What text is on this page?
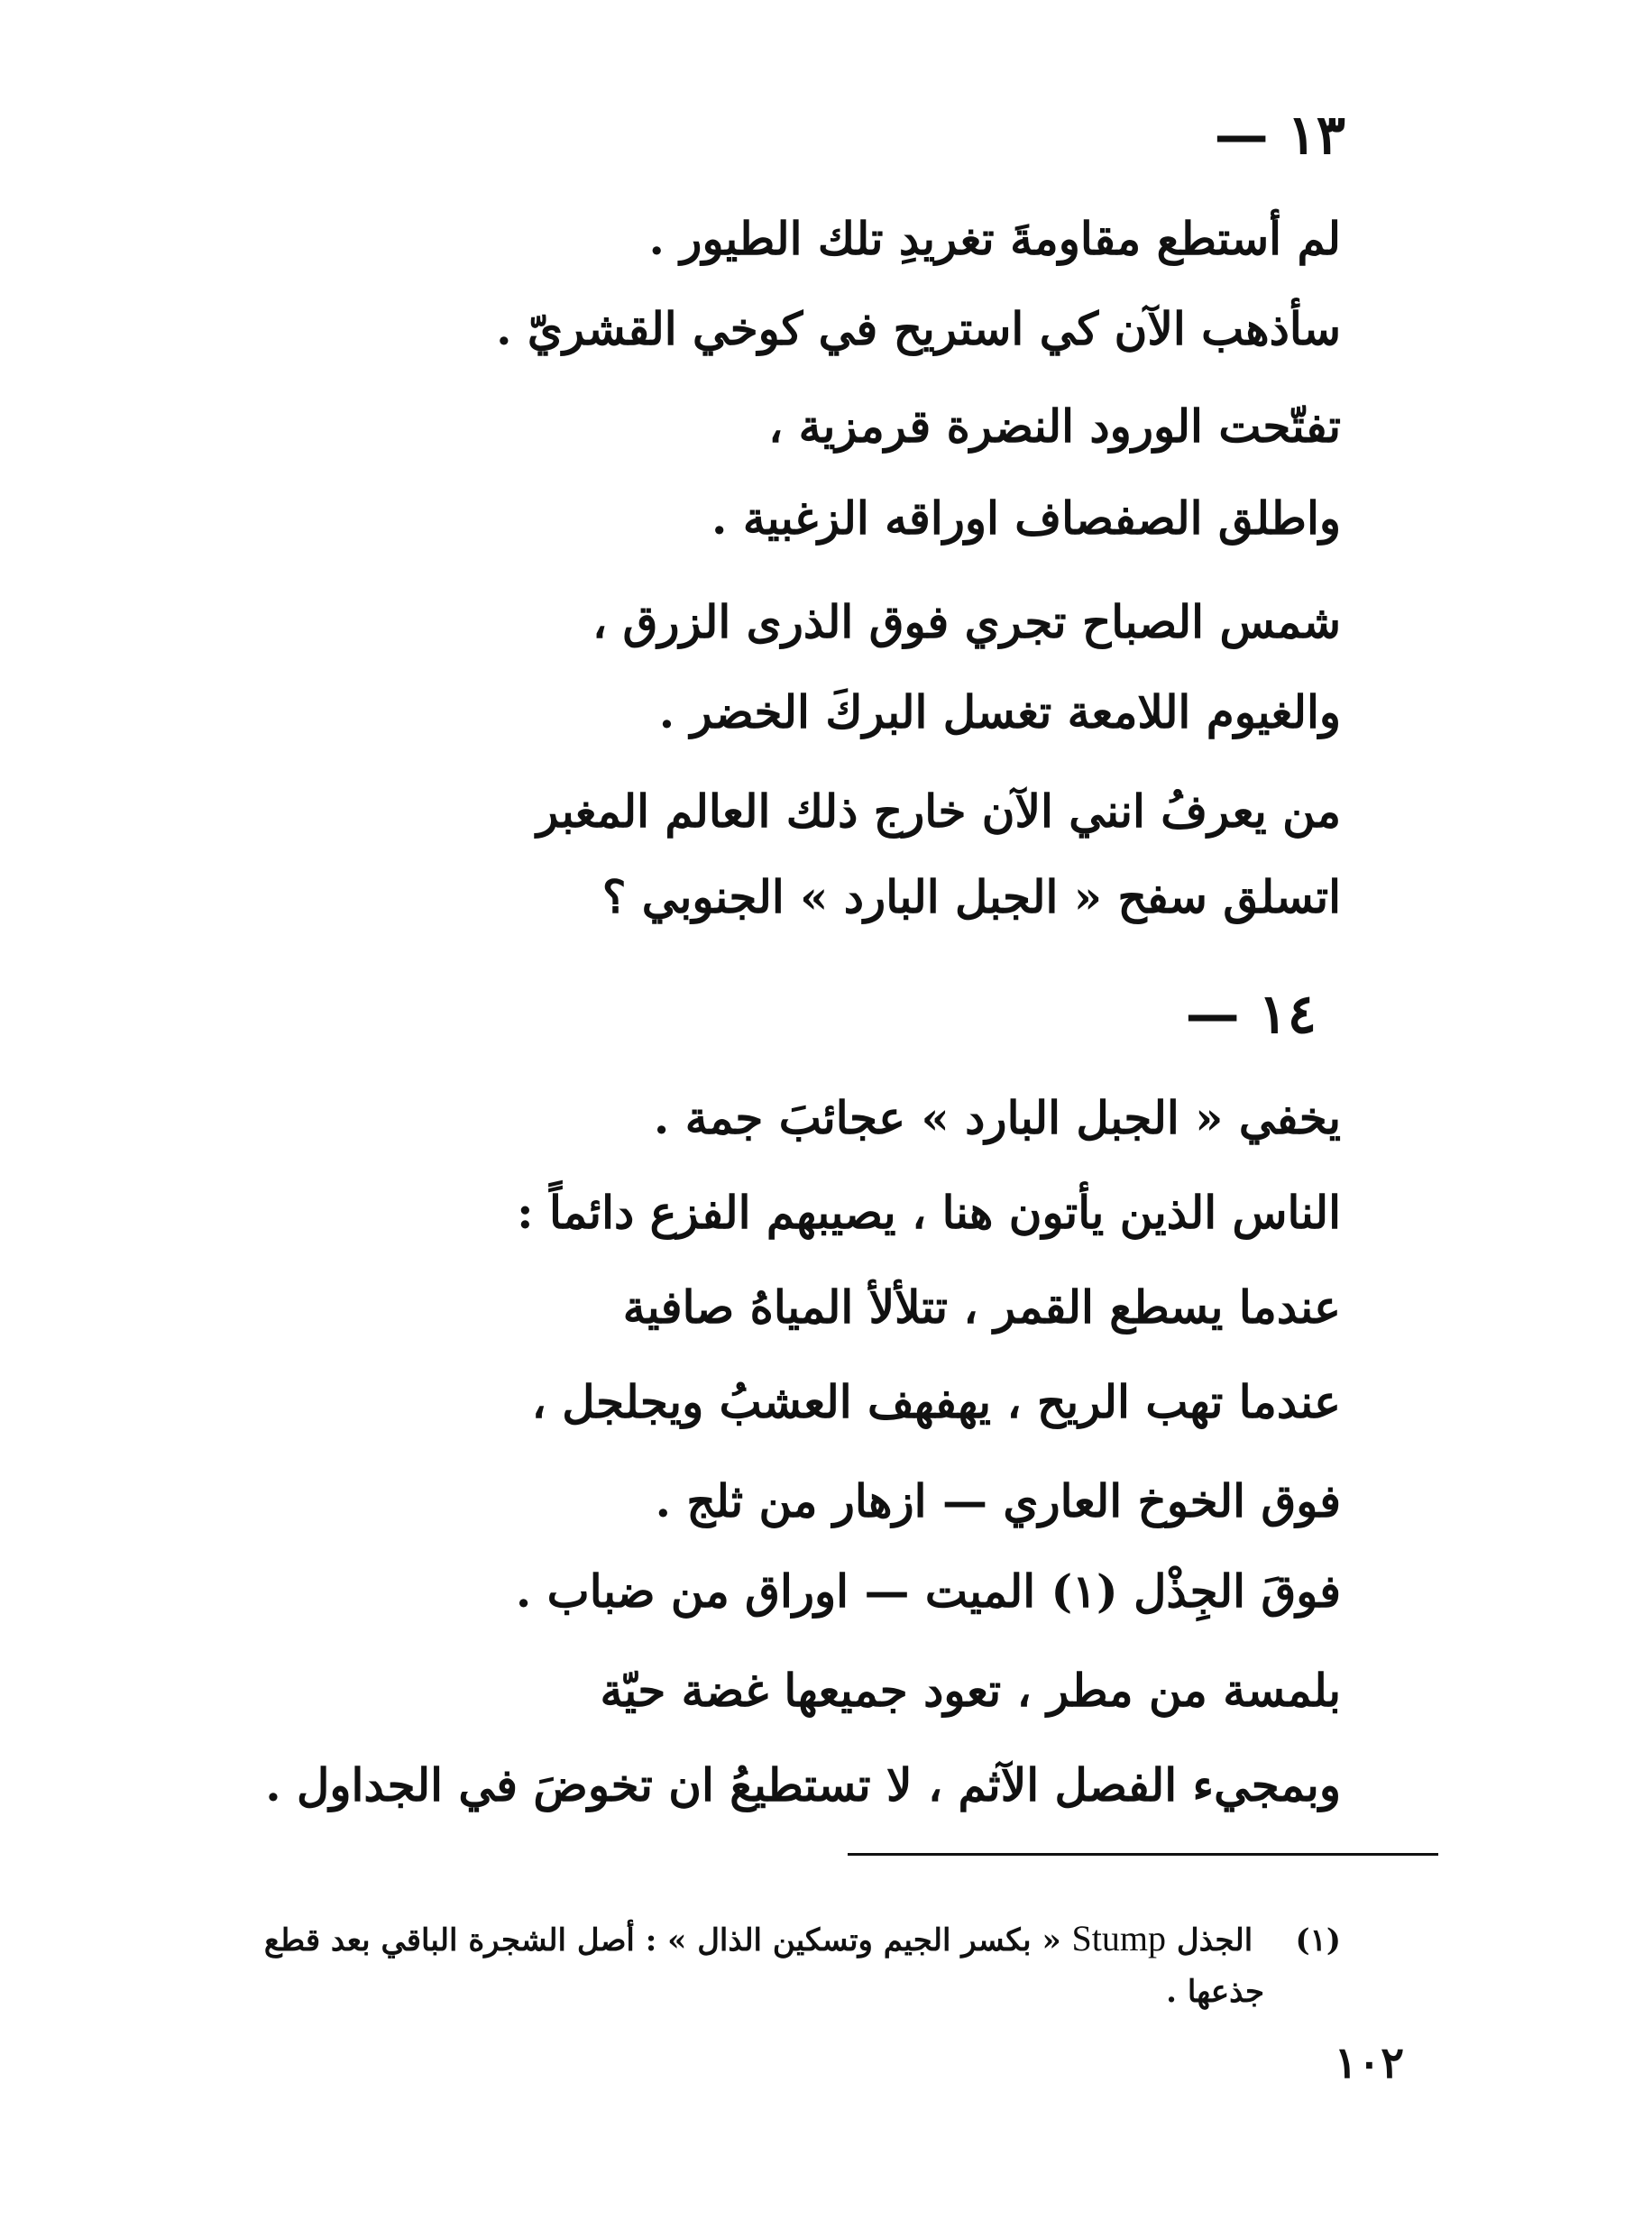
١٣ —
لم أستطع مقاومةَ تغريدِ تلك الطيور .
سأذهب الآن كي استريح في كوخي القشريّ .
تفتّحت الورود النضرة قرمزية ،
واطلق الصفصاف اوراقه الزغبية .
شمس الصباح تجري فوق الذرى الزرق ،
والغيوم اللامعة تغسل البركَ الخضر .
من يعرفُ انني الآن خارج ذلك العالم المغبر
اتسلق سفح « الجبل البارد » الجنوبي ؟
١٤ —
يخفي « الجبل البارد » عجائبَ جمة .
الناس الذين يأتون هنا ، يصيبهم الفزع دائماً :
عندما يسطع القمر ، تتلألأ المياهُ صافية
عندما تهب الريح ، يهفهف العشبُ ويجلجل ،
فوق الخوخ العاري — ازهار من ثلج .
فوقَ الجِذْل (١) الميت — اوراق من ضباب .
بلمسة من مطر ، تعود جميعها غضة حيّة
وبمجيء الفصل الآثم ، لا تستطيعُ ان تخوضَ في الجداول .
(١)    الجذل Stump « بكسر الجيم وتسكين الذال » : أصل الشجرة الباقي بعد قطع
جذعها .
١٠٢
